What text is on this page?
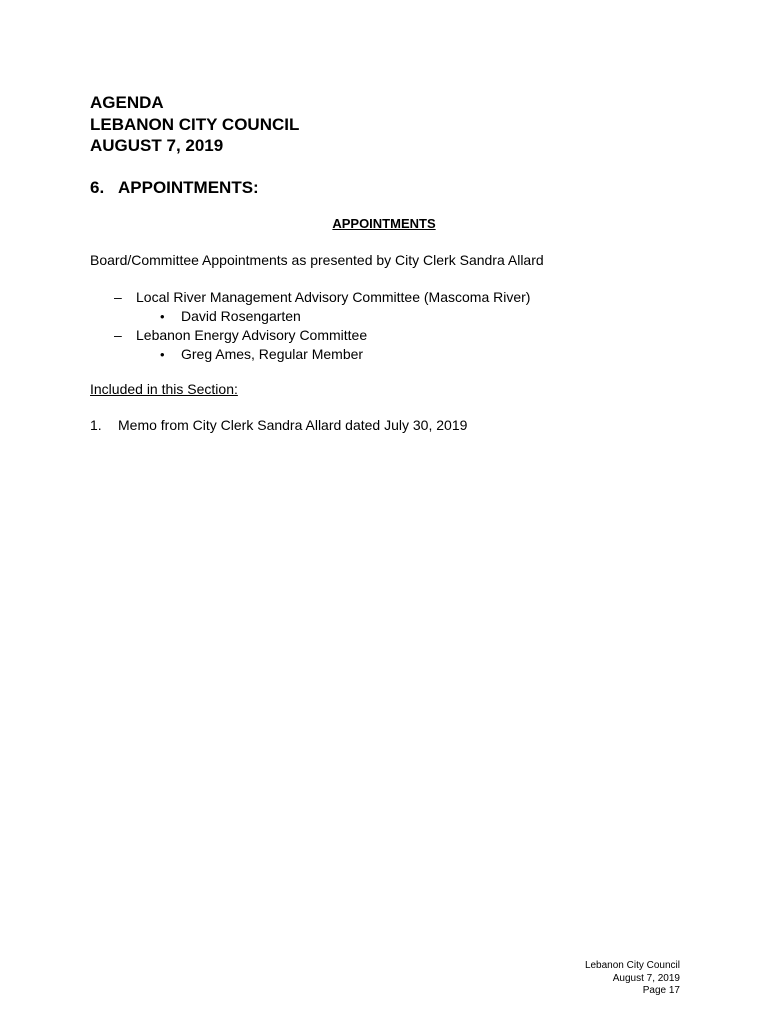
AGENDA
LEBANON CITY COUNCIL
AUGUST 7, 2019
6. APPOINTMENTS:
APPOINTMENTS
Board/Committee Appointments as presented by City Clerk Sandra Allard
– Local River Management Advisory Committee (Mascoma River)
• David Rosengarten
– Lebanon Energy Advisory Committee
• Greg Ames, Regular Member
Included in this Section:
1. Memo from City Clerk Sandra Allard dated July 30, 2019
Lebanon City Council
August 7, 2019
Page 17
